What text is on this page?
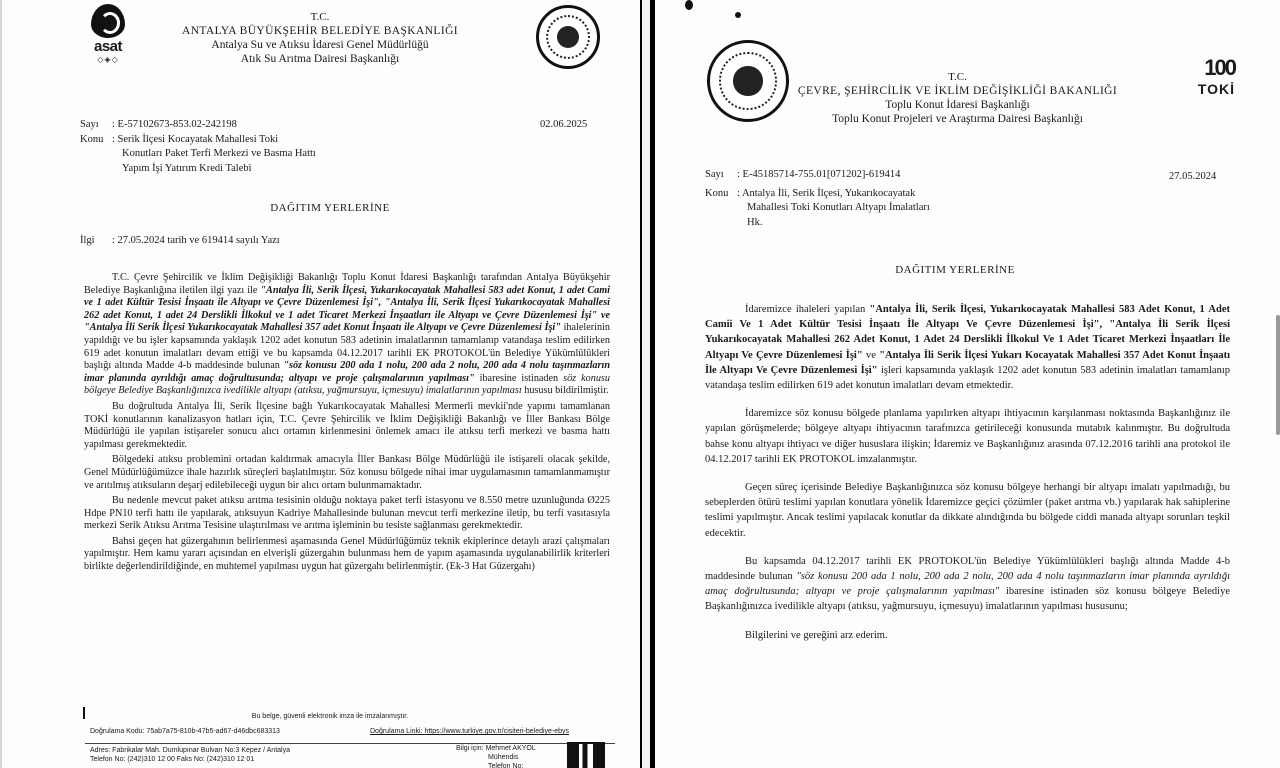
asat
◇◈◇
T.C.
ANTALYA BÜYÜKŞEHİR BELEDİYE BAŞKANLIĞI
Antalya Su ve Atıksu İdaresi Genel Müdürlüğü
Atık Su Arıtma Dairesi Başkanlığı
Sayı : E-57102673-853.02-242198
Konu : Serik İlçesi Kocayatak Mahallesi Toki
Konutları Paket Terfi Merkezi ve Basma Hattı
Yapım İşi Yatırım Kredi Talebi
02.06.2025
DAĞITIM YERLERİNE
İlgi : 27.05.2024 tarih ve 619414 sayılı Yazı

T.C. Çevre Şehircilik ve İklim Değişikliği Bakanlığı Toplu Konut İdaresi Başkanlığı tarafından Antalya Büyükşehir Belediye Başkanlığına iletilen ilgi yazı ile "Antalya İli, Serik İlçesi, Yukarıkocayatak Mahallesi 583 adet Konut, 1 adet Cami ve 1 adet Kültür Tesisi İnşaatı ile Altyapı ve Çevre Düzenlemesi İşi", "Antalya İli, Serik İlçesi Yukarıkocayatak Mahallesi 262 adet Konut, 1 adet 24 Derslikli İlkokul ve 1 adet Ticaret Merkezi İnşaatları ile Altyapı ve Çevre Düzenlemesi İşi" ve "Antalya İli Serik İlçesi Yukarıkocayatak Mahallesi 357 adet Konut İnşaatı ile Altyapı ve Çevre Düzenlemesi İşi" ihalelerinin yapıldığı ve bu işler kapsamında yaklaşık 1202 adet konutun 583 adetinin imalatlarının tamamlanıp vatandaşa teslim edilirken 619 adet konutun imalatları devam ettiği ve bu kapsamda 04.12.2017 tarihli EK PROTOKOL'ün Belediye Yükümlülükleri başlığı altında Madde 4-b maddesinde bulunan "söz konusu 200 ada 1 nolu, 200 ada 2 nolu, 200 ada 4 nolu taşınmazların imar planında ayrıldığı amaç doğrultusunda; altyapı ve proje çalışmalarının yapılması" ibaresine istinaden söz konusu bölgeye Belediye Başkanlığınızca ivedilikle altyapı (atıksu, yağmursuyu, içmesuyu) imalatlarının yapılması hususu bildirilmiştir.

Bu doğrultuda Antalya İli, Serik İlçesine bağlı Yukarıkocayatak Mahallesi Mermerli mevkii'nde yapımı tamamlanan TOKİ konutlarının kanalizasyon hatları için, T.C. Çevre Şehircilik ve İklim Değişikliği Bakanlığı ve İller Bankası Bölge Müdürlüğü ile yapılan istişareler sonucu alıcı ortamın kirlenmesini önlemek amacı ile atıksu terfi merkezi ve basma hattı yapılması gerekmektedir.

Bölgedeki atıksu problemini ortadan kaldırmak amacıyla İller Bankası Bölge Müdürlüğü ile istişareli olacak şekilde, Genel Müdürlüğümüzce ihale hazırlık süreçleri başlatılmıştır. Söz konusu bölgede nihai imar uygulamasının tamamlanmamıştır ve arıtılmış atıksuların deşarj edilebileceği uygun bir alıcı ortam bulunmamaktadır.

Bu nedenle mevcut paket atıksu arıtma tesisinin olduğu noktaya paket terfi istasyonu ve 8.550 metre uzunluğunda Ø225 Hdpe PN10 terfi hattı ile yapılarak, atıksuyun Kadriye Mahallesinde bulunan mevcut terfi merkezine iletip, bu terfi vasıtasıyla merkezi Serik Atıksu Arıtma Tesisine ulaştırılması ve arıtma işleminin bu tesiste sağlanması gerekmektedir.

Bahsi geçen hat güzergahının belirlenmesi aşamasında Genel Müdürlüğümüz teknik ekiplerince detaylı arazi çalışmaları yapılmıştır. Hem kamu yararı açısından en elverişli güzergahın bulunması hem de yapım aşamasında uygulanabilirlik kriterleri birlikte değerlendirildiğinde, en muhtemel yapılması uygun hat güzergahı belirlenmiştir. (Ek-3 Hat Güzergahı)

Bu belge, güvenli elektronik imza ile imzalanmıştır.
Doğrulama Kodu: 75ab7a75-810b-47b5-ad67-d46dbc683313	Doğrulama Linki: https://www.turkiye.gov.tr/cisiteri-belediye-ebys
Adres: Fabrikalar Mah. Dumlupınar Bulvarı No:3 Kepez / Antalya
Telefon No: (242)310 12 00 Faks No: (242)310 12 01
Bilgi için: Mehmet AKYOL
Mühendis
Telefon No:
T.C.
ÇEVRE, ŞEHİRCİLİK VE İKLİM DEĞİŞİKLİĞİ BAKANLIĞI
Toplu Konut İdaresi Başkanlığı
Toplu Konut Projeleri ve Araştırma Dairesi Başkanlığı
100
TOKİ
Sayı : E-45185714-755.01[071202]-619414
Konu : Antalya İli, Serik İlçesi, Yukarıkocayatak
Mahallesi Toki Konutları Altyapı İmalatları
Hk.
27.05.2024
DAĞITIM YERLERİNE

İdaremizce ihaleleri yapılan "Antalya İli, Serik İlçesi, Yukarıkocayatak Mahallesi 583 Adet Konut, 1 Adet Camii Ve 1 Adet Kültür Tesisi İnşaatı İle Altyapı Ve Çevre Düzenlemesi İşi", "Antalya İli Serik İlçesi Yukarıkocayatak Mahallesi 262 Adet Konut, 1 Adet 24 Derslikli İlkokul Ve 1 Adet Ticaret Merkezi İnşaatları İle Altyapı Ve Çevre Düzenlemesi İşi" ve "Antalya İli Serik İlçesi Yukarı Kocayatak Mahallesi 357 Adet Konut İnşaatı İle Altyapı Ve Çevre Düzenlemesi İşi" işleri kapsamında yaklaşık 1202 adet konutun 583 adetinin imalatları tamamlanıp vatandaşa teslim edilirken 619 adet konutun imalatları devam etmektedir.

İdaremizce söz konusu bölgede planlama yapılırken altyapı ihtiyacının karşılanması noktasında Başkanlığınız ile yapılan görüşmelerde; bölgeye altyapı ihtiyacının tarafınızca getirileceği konusunda mutabık kalınmıştır. Bu doğrultuda bahse konu altyapı ihtiyacı ve diğer hususlara ilişkin; İdaremiz ve Başkanlığınız arasında 07.12.2016 tarihli ana protokol ile 04.12.2017 tarihli EK PROTOKOL imzalanmıştır.

Geçen süreç içerisinde Belediye Başkanlığınızca söz konusu bölgeye herhangi bir altyapı imalatı yapılmadığı, bu sebeplerden ötürü teslimi yapılan konutlara yönelik İdaremizce geçici çözümler (paket arıtma vb.) yapılarak hak sahiplerine teslimi yapılmıştır. Ancak teslimi yapılacak konutlar da dikkate alındığında bu bölgede ciddi manada altyapı sorunları teşkil edecektir.

Bu kapsamda 04.12.2017 tarihli EK PROTOKOL'ün Belediye Yükümlülükleri başlığı altında Madde 4-b maddesinde bulunan "söz konusu 200 ada 1 nolu, 200 ada 2 nolu, 200 ada 4 nolu taşınmazların imar planında ayrıldığı amaç doğrultusunda; altyapı ve proje çalışmalarının yapılması" ibaresine istinaden söz konusu bölgeye Belediye Başkanlığınızca ivedilikle altyapı (atıksu, yağmursuyu, içmesuyu) imalatlarının yapılması hususunu;

Bilgilerini ve gereğini arz ederim.
